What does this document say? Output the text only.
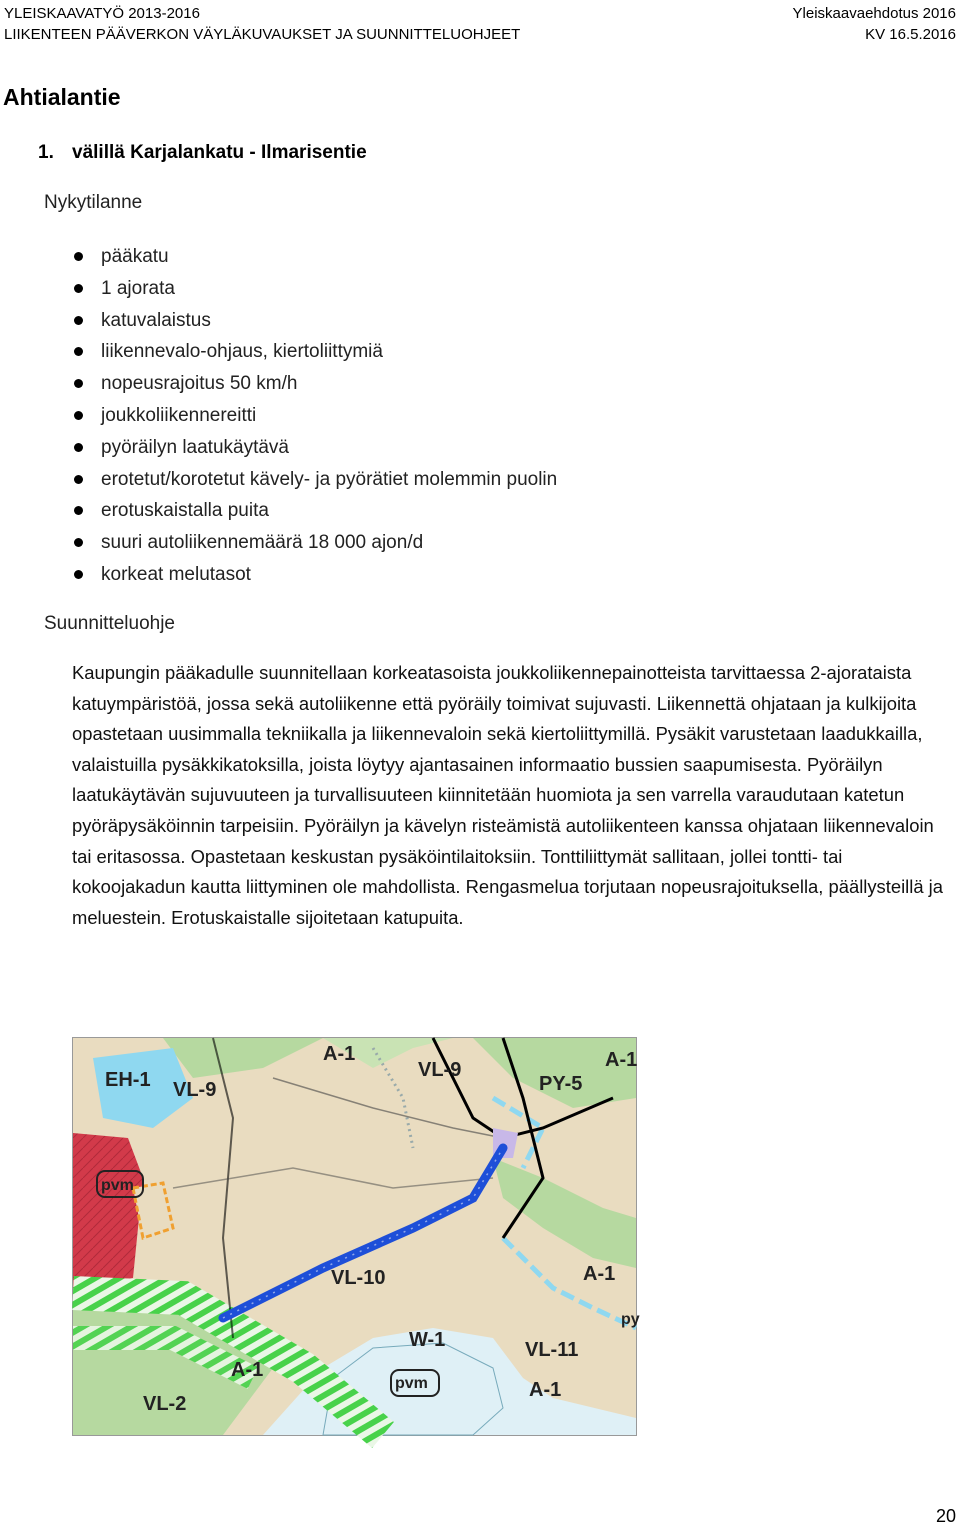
YLEISKAAVATYÖ 2013-2016	Yleiskaavaehdotus 2016
LIIKENTEEN PÄÄVERKON VÄYLÄKUVAUKSET JA SUUNNITTELUOHJEET	KV 16.5.2016
Ahtialantie
1. välillä Karjalankatu - Ilmarisentie
Nykytilanne
pääkatu
1 ajorata
katuvalaistus
liikennevalo-ohjaus, kiertoliittymiä
nopeusrajoitus 50 km/h
joukkoliikennereitti
pyöräilyn laatukäytävä
erotetut/korotetut kävely- ja pyörätiet molemmin puolin
erotuskaistalla puita
suuri autoliikennemäärä 18 000 ajon/d
korkeat melutasot
Suunnitteluohje

Kaupungin pääkadulle suunnitellaan korkeatasoista joukkoliikennepainotteista tarvittaessa 2-ajorataista katuympäristöä, jossa sekä autoliikenne että pyöräily toimivat sujuvasti. Liikennettä ohjataan ja kulkijoita opastetaan uusimmalla tekniikalla ja liikennevaloin sekä kiertoliittymillä. Pysäkit varustetaan laadukkailla, valaistuilla pysäkkikatoksilla, joista löytyy ajantasainen informaatio bussien saapumisesta. Pyöräilyn laatukäytävän sujuvuuteen ja turvallisuuteen kiinnitetään huomiota ja sen varrella varaudutaan katetun pyöräpysäköinnin tarpeisiin. Pyöräilyn ja kävelyn risteämistä autoliikenteen kanssa ohjataan liikennevaloin tai eritasossa. Opastetaan keskustan pysäköintilaitoksiin. Tonttiliittymät sallitaan, jollei tontti- tai kokoojakadun kautta liittyminen ole mahdollista. Rengasmelua torjutaan nopeusrajoituksella, päällysteillä ja meluestein. Erotuskaistalle sijoitetaan katupuita.

EH-1 VL-9
A-1
VL-9	A-1
PY-5
pvm
VL-10	A-1
py
W-1	VL-11
A-1
A-1
VL-2
pvm
20
